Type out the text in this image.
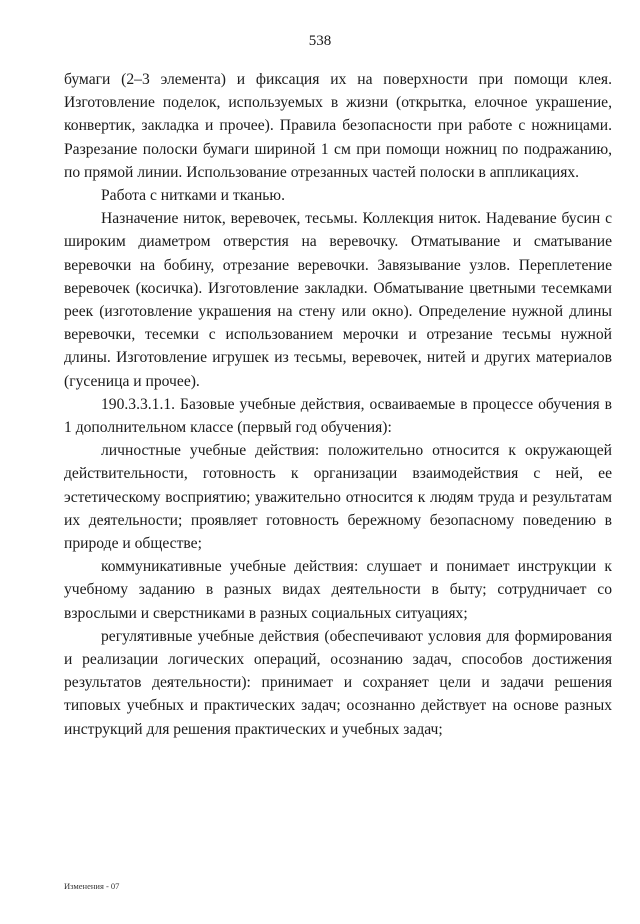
538

бумаги (2–3 элемента) и фиксация их на поверхности при помощи клея. Изготовление поделок, используемых в жизни (открытка, елочное украшение, конвертик, закладка и прочее). Правила безопасности при работе с ножницами. Разрезание полоски бумаги шириной 1 см при помощи ножниц по подражанию, по прямой линии. Использование отрезанных частей полоски в аппликациях.

Работа с нитками и тканью.

Назначение ниток, веревочек, тесьмы. Коллекция ниток. Надевание бусин с широким диаметром отверстия на веревочку. Отматывание и сматывание веревочки на бобину, отрезание веревочки. Завязывание узлов. Переплетение веревочек (косичка). Изготовление закладки. Обматывание цветными тесемками реек (изготовление украшения на стену или окно). Определение нужной длины веревочки, тесемки с использованием мерочки и отрезание тесьмы нужной длины. Изготовление игрушек из тесьмы, веревочек, нитей и других материалов (гусеница и прочее).

190.3.3.1.1. Базовые учебные действия, осваиваемые в процессе обучения в 1 дополнительном классе (первый год обучения):

личностные учебные действия: положительно относится к окружающей действительности, готовность к организации взаимодействия с ней, ее эстетическому восприятию; уважительно относится к людям труда и результатам их деятельности; проявляет готовность бережному безопасному поведению в природе и обществе;

коммуникативные учебные действия: слушает и понимает инструкции к учебному заданию в разных видах деятельности в быту; сотрудничает со взрослыми и сверстниками в разных социальных ситуациях;

регулятивные учебные действия (обеспечивают условия для формирования и реализации логических операций, осознанию задач, способов достижения результатов деятельности): принимает и сохраняет цели и задачи решения типовых учебных и практических задач; осознанно действует на основе разных инструкций для решения практических и учебных задач;

Изменения - 07
